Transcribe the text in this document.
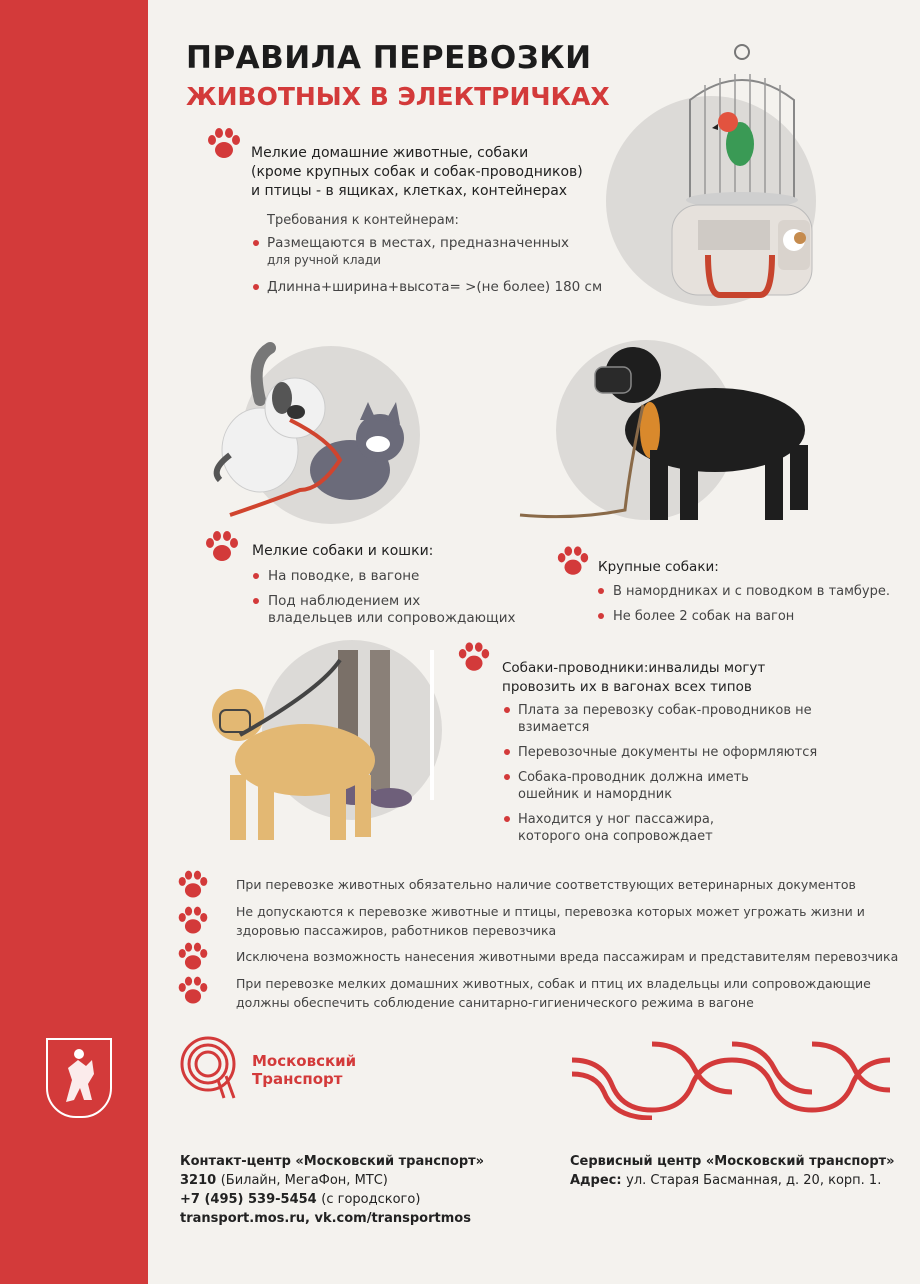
ПРАВИЛА ПЕРЕВОЗКИ
ЖИВОТНЫХ В ЭЛЕКТРИЧКАХ
Мелкие домашние животные, собаки
(кроме крупных собак и собак-проводников)
и птицы - в ящиках, клетках, контейнерах
Требования к контейнерам:
Размещаются в местах, предназначенных
для ручной клади
Длинна+ширина+высота= >(не более) 180 см
Мелкие собаки и кошки:
На поводке, в вагоне
Под наблюдением их
владельцев или сопровождающих
Крупные собаки:
В намордниках и с поводком в тамбуре.
Не более 2 собак на вагон
Собаки-проводники:инвалиды могут
провозить их в вагонах всех типов
Плата за перевозку собак-проводников не
взимается
Перевозочные документы не оформляются
Собака-проводник должна иметь
ошейник и намордник
Находится у ног пассажира,
которого она сопровождает
При перевозке животных обязательно наличие соответствующих ветеринарных документов
Не допускаются к перевозке животные и птицы, перевозка которых может угрожать жизни и
здоровью пассажиров, работников перевозчика
Исключена возможность нанесения животными вреда пассажирам и представителям перевозчика
При перевозке мелких домашних животных, собак и птиц их владельцы или сопровождающие
должны обеспечить соблюдение санитарно-гигиенического режима в вагоне
Московский
Транспорт
Контакт-центр «Московский транспорт»
3210 (Билайн, МегаФон, МТС)
+7 (495) 539-5454 (с городского)
transport.mos.ru, vk.com/transportmos
Сервисный центр «Московский транспорт»
Адрес: ул. Старая Басманная, д. 20, корп. 1.
